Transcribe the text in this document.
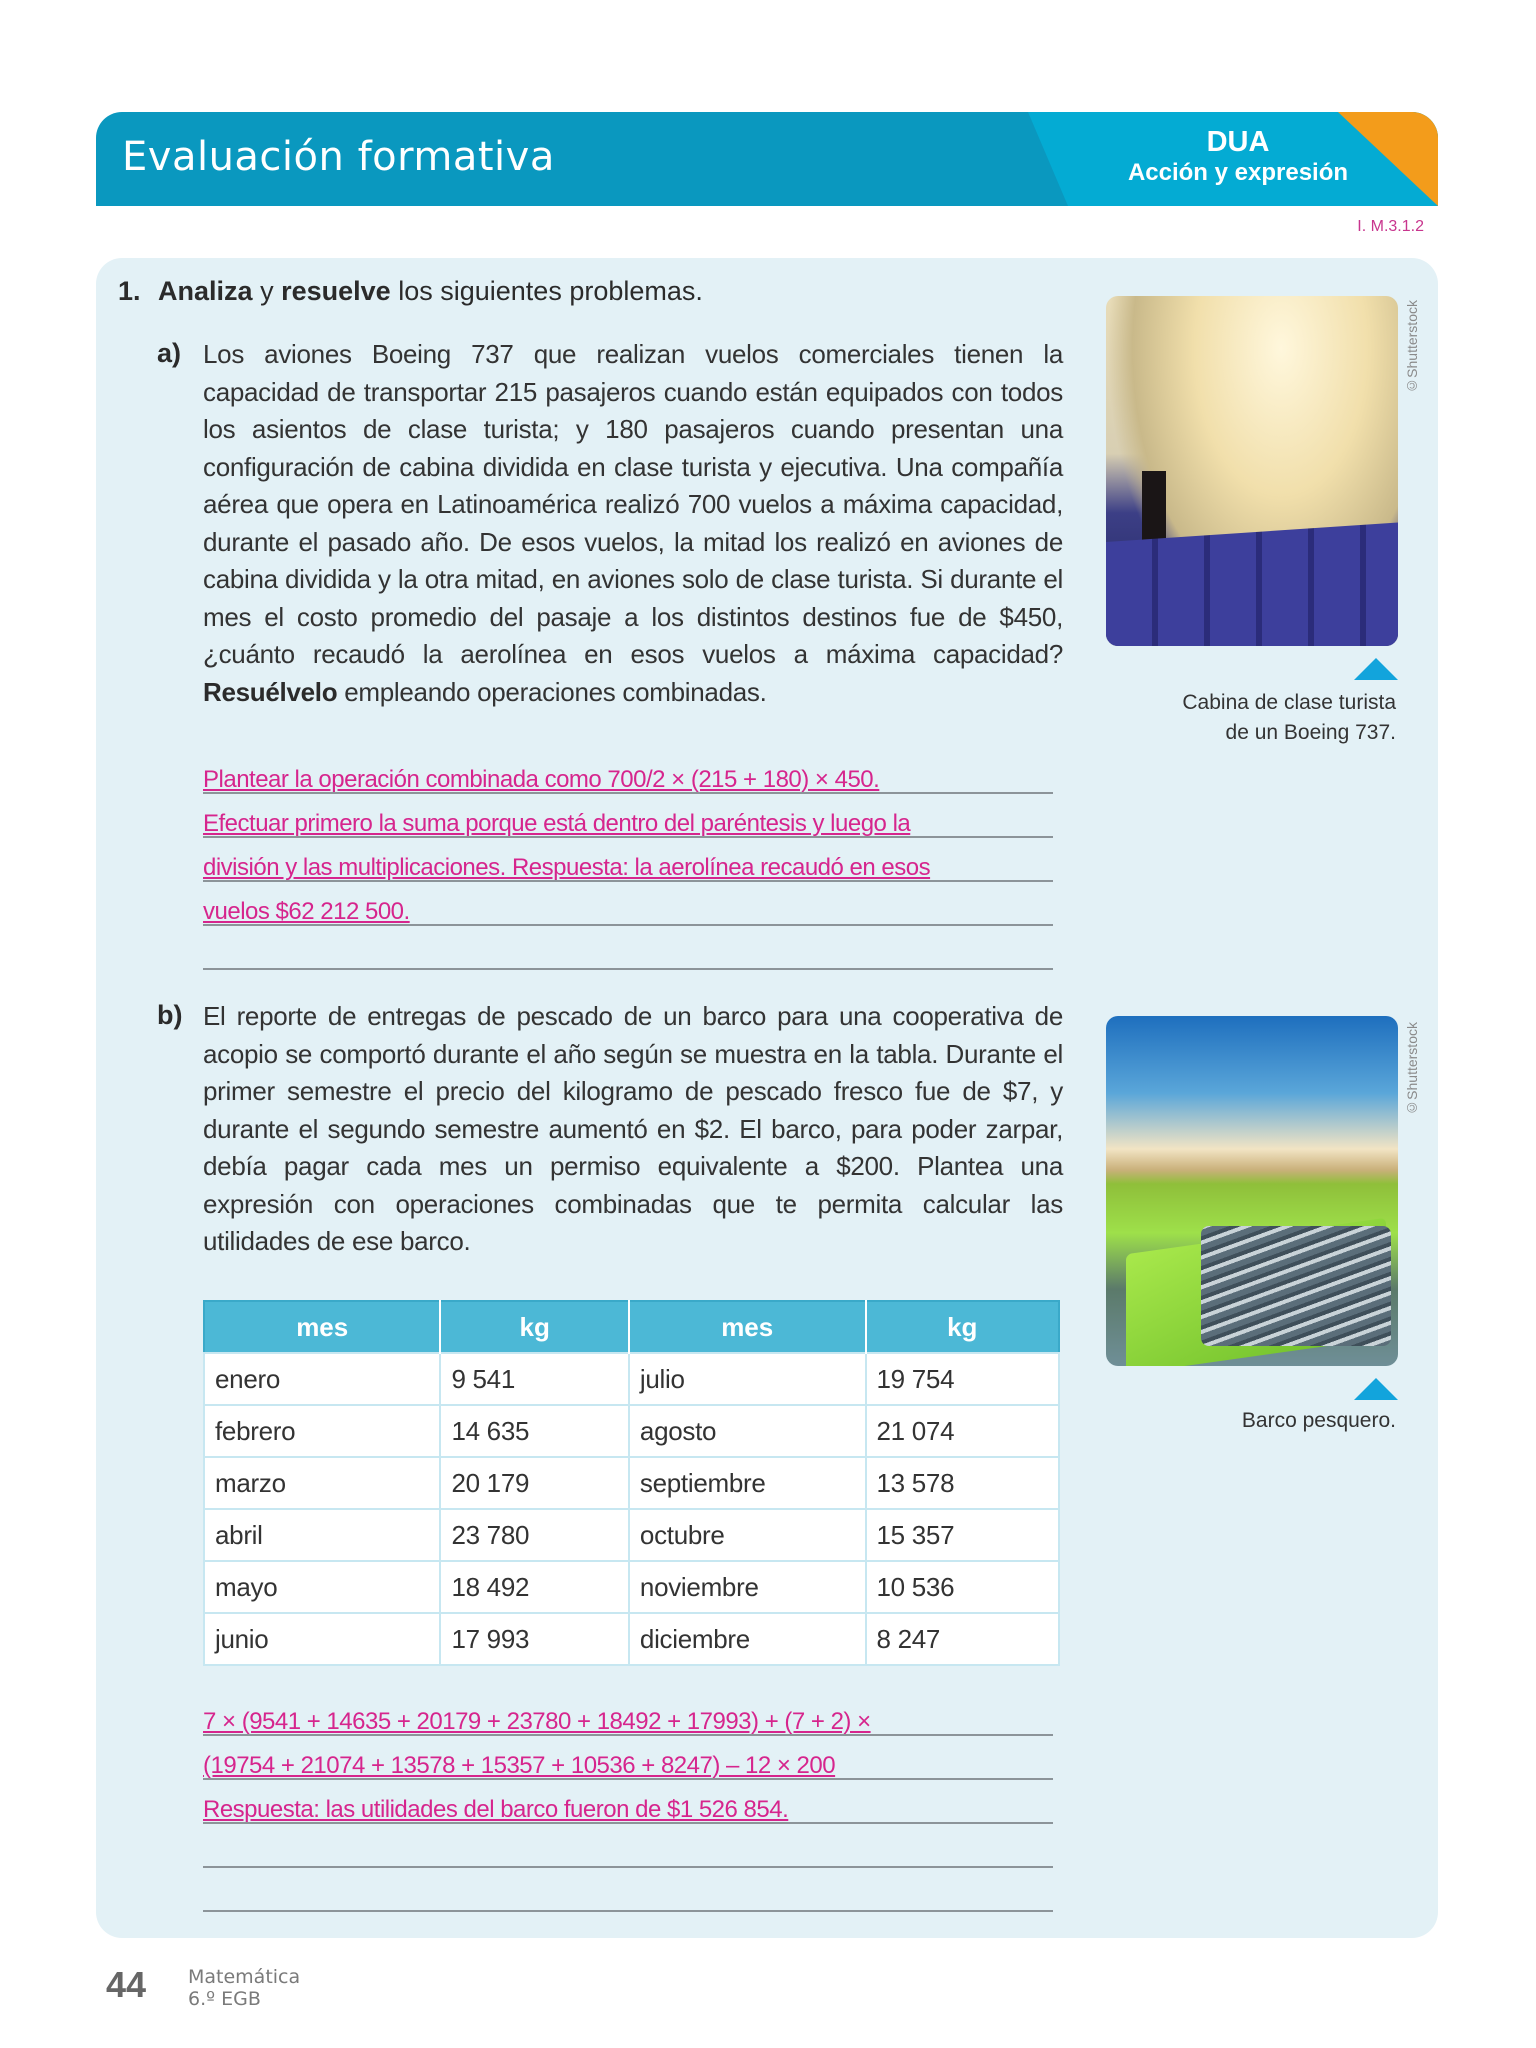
Evaluación formativa	DUA
Acción y expresión
I. M.3.1.2
1. Analiza y resuelve los siguientes problemas.
a) Los aviones Boeing 737 que realizan vuelos comerciales tienen la capacidad de transportar 215 pasajeros cuando están equipados con todos los asientos de clase turista; y 180 pasajeros cuando presentan una configuración de cabina dividida en clase turista y ejecutiva. Una compañía aérea que opera en Latinoamérica realizó 700 vuelos a máxima capacidad, durante el pasado año. De esos vuelos, la mitad los realizó en aviones de cabina dividida y la otra mitad, en aviones solo de clase turista. Si durante el mes el costo promedio del pasaje a los distintos destinos fue de $450, ¿cuánto recaudó la aerolínea en esos vuelos a máxima capacidad? Resuélvelo empleando operaciones combinadas.
Plantear la operación combinada como 700/2 × (215 + 180) × 450.
Efectuar primero la suma porque está dentro del paréntesis y luego la
división y las multiplicaciones. Respuesta: la aerolínea recaudó en esos
vuelos $62 212 500.
©Shutterstock
Cabina de clase turista
de un Boeing 737.
b) El reporte de entregas de pescado de un barco para una cooperativa de acopio se comportó durante el año según se muestra en la tabla. Durante el primer semestre el precio del kilogramo de pescado fresco fue de $7, y durante el segundo semestre aumentó en $2. El barco, para poder zarpar, debía pagar cada mes un permiso equivalente a $200. Plantea una expresión con operaciones combinadas que te permita calcular las utilidades de ese barco.
mes	kg	mes	kg
enero	9 541	julio	19 754
febrero	14 635	agosto	21 074
marzo	20 179	septiembre	13 578
abril	23 780	octubre	15 357
mayo	18 492	noviembre	10 536
junio	17 993	diciembre	8 247
7 × (9541 + 14635 + 20179 + 23780 + 18492 + 17993) + (7 + 2) ×
(19754 + 21074 + 13578 + 15357 + 10536 + 8247) – 12 × 200
Respuesta: las utilidades del barco fueron de $1 526 854.
©Shutterstock
Barco pesquero.
44 Matemática
6.º EGB
